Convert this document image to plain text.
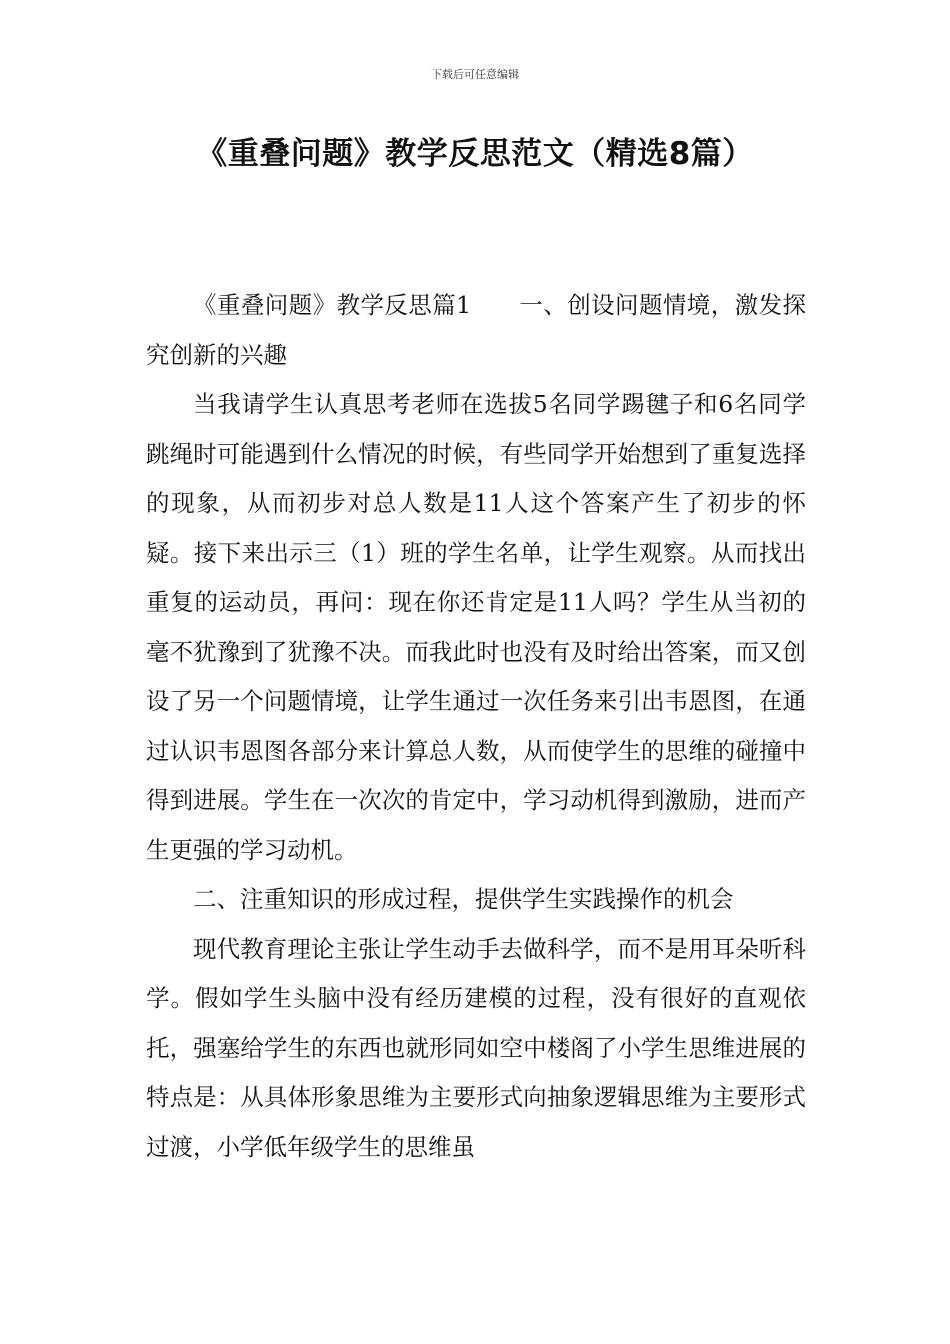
下载后可任意编辑
《重叠问题》教学反思范文（精选8篇）

《重叠问题》教学反思篇1　　一、创设问题情境，激发探究创新的兴趣

当我请学生认真思考老师在选拔5名同学踢毽子和6名同学跳绳时可能遇到什么情况的时候，有些同学开始想到了重复选择的现象，从而初步对总人数是11人这个答案产生了初步的怀疑。接下来出示三（1）班的学生名单，让学生观察。从而找出重复的运动员，再问：现在你还肯定是11人吗？学生从当初的毫不犹豫到了犹豫不决。而我此时也没有及时给出答案，而又创设了另一个问题情境，让学生通过一次任务来引出韦恩图，在通过认识韦恩图各部分来计算总人数，从而使学生的思维的碰撞中得到进展。学生在一次次的肯定中，学习动机得到激励，进而产生更强的学习动机。

二、注重知识的形成过程，提供学生实践操作的机会

现代教育理论主张让学生动手去做科学，而不是用耳朵听科学。假如学生头脑中没有经历建模的过程，没有很好的直观依托，强塞给学生的东西也就形同如空中楼阁了小学生思维进展的特点是：从具体形象思维为主要形式向抽象逻辑思维为主要形式过渡，小学低年级学生的思维虽
